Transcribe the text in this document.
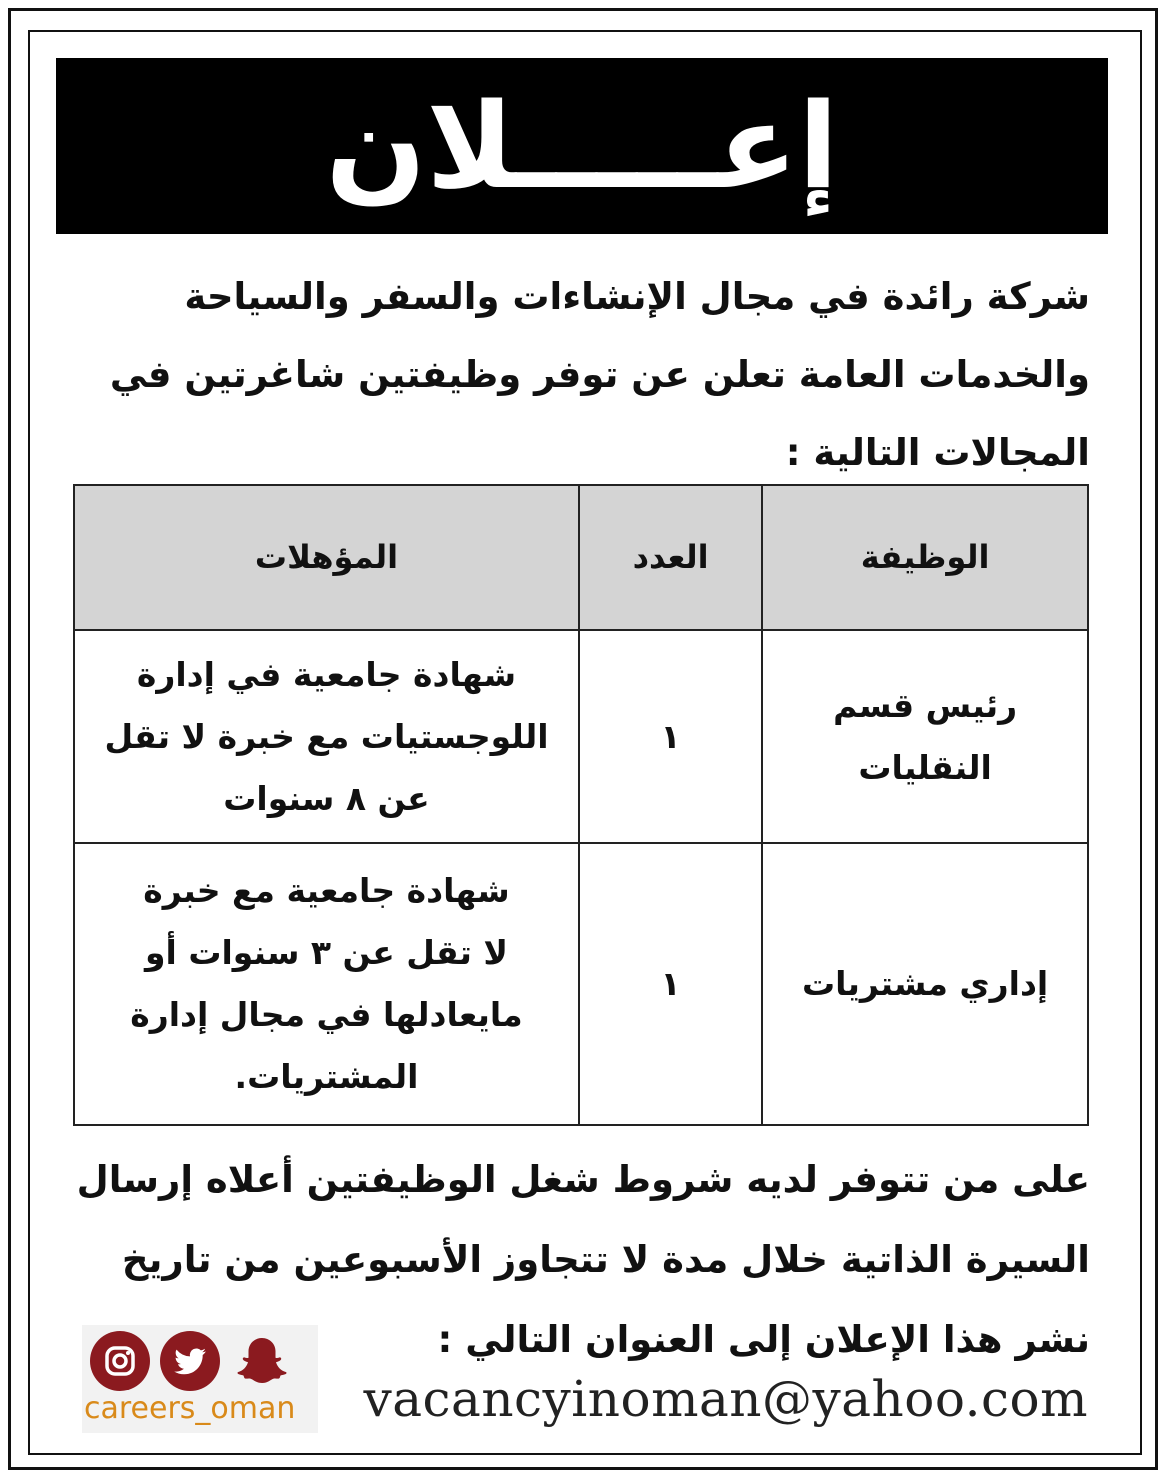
إعـــــلان
شركة رائدة في مجال الإنشاءات والسفر والسياحة
والخدمات العامة تعلن عن توفر وظيفتين شاغرتين في
المجالات التالية :
الوظيفة	العدد	المؤهلات

رئيس قسم
النقليات	١	شهادة جامعية في إدارة
اللوجستيات مع خبرة لا تقل
عن ٨ سنوات

إداري مشتريات	١	شهادة جامعية مع خبرة
لا تقل عن ٣ سنوات أو
مايعادلها في مجال إدارة
المشتريات.
على من تتوفر لديه شروط شغل الوظيفتين أعلاه إرسال
السيرة الذاتية خلال مدة لا تتجاوز الأسبوعين من تاريخ
نشر هذا الإعلان إلى العنوان التالي :
vacancyinoman@yahoo.com
careers_oman
